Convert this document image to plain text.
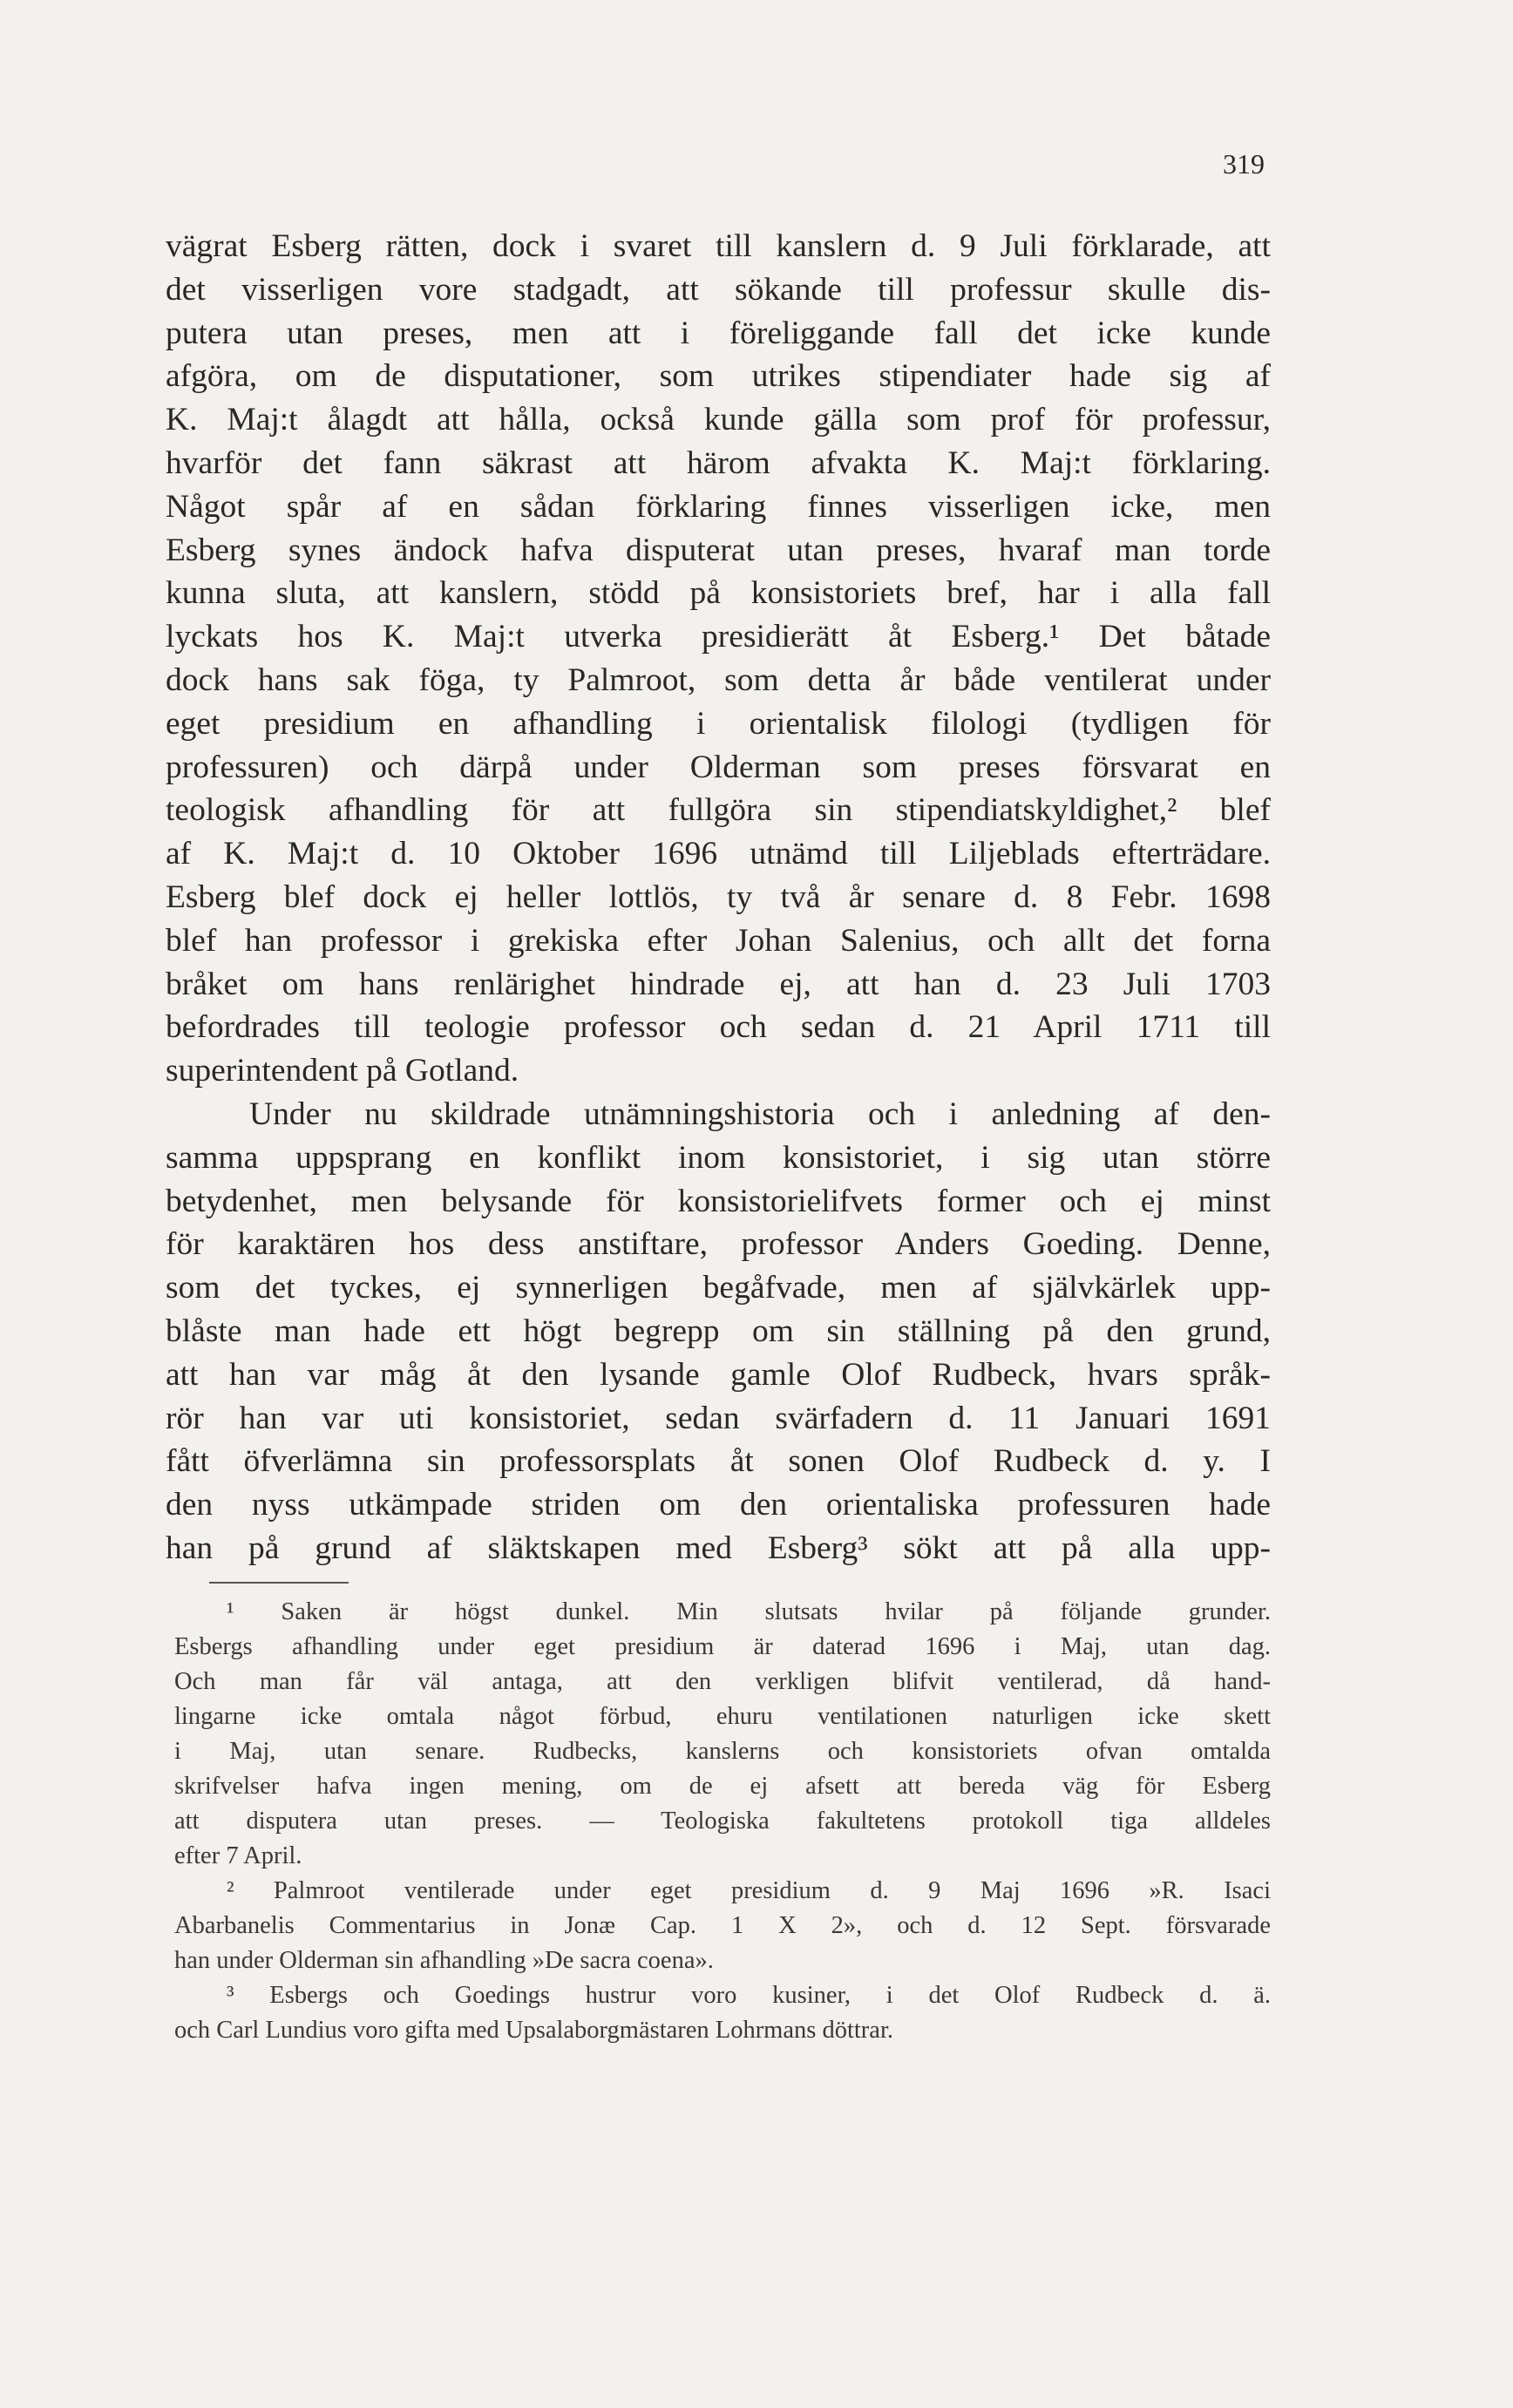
319
vägrat Esberg rätten, dock i svaret till kanslern d. 9 Juli förklarade, att
det visserligen vore stadgadt, att sökande till professur skulle dis-
putera utan preses, men att i föreliggande fall det icke kunde
afgöra, om de disputationer, som utrikes stipendiater hade sig af
K. Maj:t ålagdt att hålla, också kunde gälla som prof för professur,
hvarför det fann säkrast att härom afvakta K. Maj:t förklaring.
Något spår af en sådan förklaring finnes visserligen icke, men
Esberg synes ändock hafva disputerat utan preses, hvaraf man torde
kunna sluta, att kanslern, stödd på konsistoriets bref, har i alla fall
lyckats hos K. Maj:t utverka presidierätt åt Esberg.¹ Det båtade
dock hans sak föga, ty Palmroot, som detta år både ventilerat under
eget presidium en afhandling i orientalisk filologi (tydligen för
professuren) och därpå under Olderman som preses försvarat en
teologisk afhandling för att fullgöra sin stipendiatskyldighet,² blef
af K. Maj:t d. 10 Oktober 1696 utnämd till Liljeblads efterträdare.
Esberg blef dock ej heller lottlös, ty två år senare d. 8 Febr. 1698
blef han professor i grekiska efter Johan Salenius, och allt det forna
bråket om hans renlärighet hindrade ej, att han d. 23 Juli 1703
befordrades till teologie professor och sedan d. 21 April 1711 till
superintendent på Gotland.
Under nu skildrade utnämningshistoria och i anledning af den-
samma uppsprang en konflikt inom konsistoriet, i sig utan större
betydenhet, men belysande för konsistorielifvets former och ej minst
för karaktären hos dess anstiftare, professor Anders Goeding. Denne,
som det tyckes, ej synnerligen begåfvade, men af självkärlek upp-
blåste man hade ett högt begrepp om sin ställning på den grund,
att han var måg åt den lysande gamle Olof Rudbeck, hvars språk-
rör han var uti konsistoriet, sedan svärfadern d. 11 Januari 1691
fått öfverlämna sin professorsplats åt sonen Olof Rudbeck d. y. I
den nyss utkämpade striden om den orientaliska professuren hade
han på grund af släktskapen med Esberg³ sökt att på alla upp-
¹ Saken är högst dunkel. Min slutsats hvilar på följande grunder.
Esbergs afhandling under eget presidium är daterad 1696 i Maj, utan dag.
Och man får väl antaga, att den verkligen blifvit ventilerad, då hand-
lingarne icke omtala något förbud, ehuru ventilationen naturligen icke skett
i Maj, utan senare. Rudbecks, kanslerns och konsistoriets ofvan omtalda
skrifvelser hafva ingen mening, om de ej afsett att bereda väg för Esberg
att disputera utan preses. — Teologiska fakultetens protokoll tiga alldeles
efter 7 April.
² Palmroot ventilerade under eget presidium d. 9 Maj 1696 »R. Isaci
Abarbanelis Commentarius in Jonæ Cap. 1 X 2», och d. 12 Sept. försvarade
han under Olderman sin afhandling »De sacra coena».
³ Esbergs och Goedings hustrur voro kusiner, i det Olof Rudbeck d. ä.
och Carl Lundius voro gifta med Upsalaborgmästaren Lohrmans döttrar.
